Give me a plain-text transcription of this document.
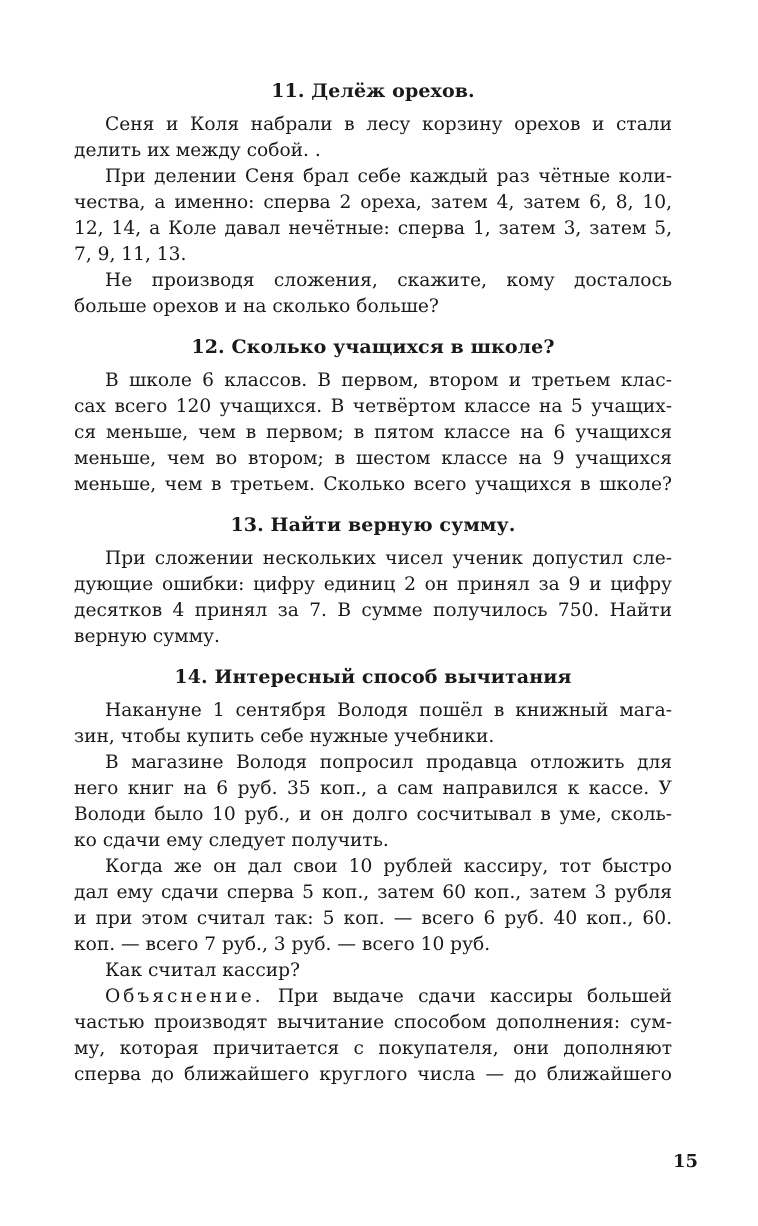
11. Делёж орехов.
Сеня и Коля набрали в лесу корзину орехов и стали
делить их между собой. .
При делении Сеня брал себе каждый раз чётные коли-
чества, а именно: сперва 2 ореха, затем 4, затем 6, 8, 10,
12, 14, а Коле давал нечётные: сперва 1, затем 3, затем 5,
7, 9, 11, 13.
Не производя сложения, скажите, кому досталось
больше орехов и на сколько больше?
12. Сколько учащихся в школе?
В школе 6 классов. В первом, втором и третьем клас-
сах всего 120 учащихся. В четвёртом классе на 5 учащих-
ся меньше, чем в первом; в пятом классе на 6 учащихся
меньше, чем во втором; в шестом классе на 9 учащихся
меньше, чем в третьем. Сколько всего учащихся в школе?
13. Найти верную сумму.
При сложении нескольких чисел ученик допустил сле-
дующие ошибки: цифру единиц 2 он принял за 9 и цифру
десятков 4 принял за 7. В сумме получилось 750. Найти
верную сумму.
14. Интересный способ вычитания
Накануне 1 сентября Володя пошёл в книжный мага-
зин, чтобы купить себе нужные учебники.
В магазине Володя попросил продавца отложить для
него книг на 6 руб. 35 коп., а сам направился к кассе. У
Володи было 10 руб., и он долго сосчитывал в уме, сколь-
ко сдачи ему следует получить.
Когда же он дал свои 10 рублей кассиру, тот быстро
дал ему сдачи сперва 5 коп., затем 60 коп., затем 3 рубля
и при этом считал так: 5 коп. — всего 6 руб. 40 коп., 60.
коп. — всего 7 руб., 3 руб. — всего 10 руб.
Как считал кассир?
Объяснение. При выдаче сдачи кассиры большей
частью производят вычитание способом дополнения: сум-
му, которая причитается с покупателя, они дополняют
сперва до ближайшего круглого числа — до ближайшего
15
